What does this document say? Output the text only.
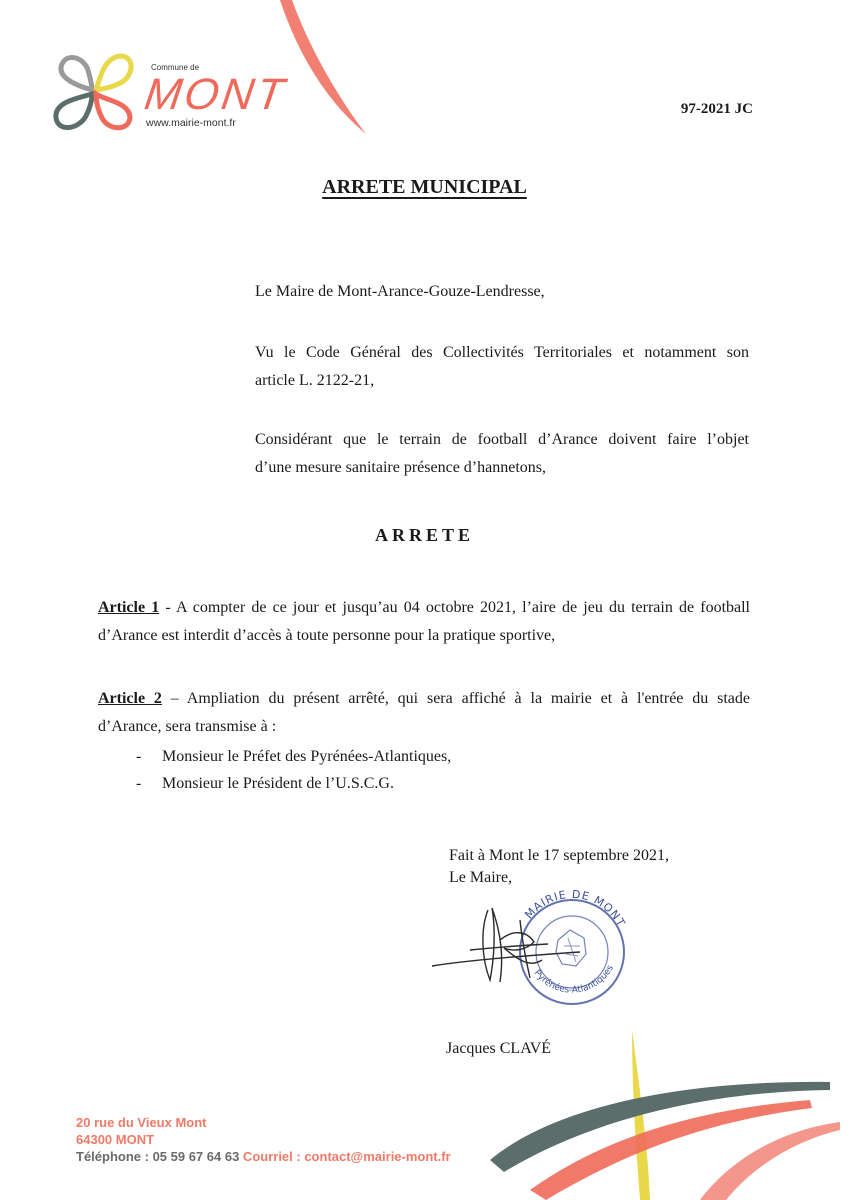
Commune de
MONT
www.mairie-mont.fr
97-2021 JC
ARRETE MUNICIPAL
Le Maire de Mont-Arance-Gouze-Lendresse,
Vu le Code Général des Collectivités Territoriales et notamment son
article L. 2122-21,
Considérant que le terrain de football d’Arance doivent faire l’objet
d’une mesure sanitaire présence d’hannetons,
ARRETE
Article 1 - A compter de ce jour et jusqu’au 04 octobre 2021, l’aire de jeu du terrain de football
d’Arance est interdit d’accès à toute personne pour la pratique sportive,
Article 2 – Ampliation du présent arrêté, qui sera affiché à la mairie et à l'entrée du stade
d’Arance, sera transmise à :
- Monsieur le Préfet des Pyrénées-Atlantiques,
- Monsieur le Président de l’U.S.C.G.
Fait à Mont le 17 septembre 2021,
Le Maire,
MAIRIE DE MONT
Pyrénées-Atlantiques
Jacques CLAVÉ
20 rue du Vieux Mont
64300 MONT
Téléphone : 05 59 67 64 63 Courriel : contact@mairie-mont.fr
